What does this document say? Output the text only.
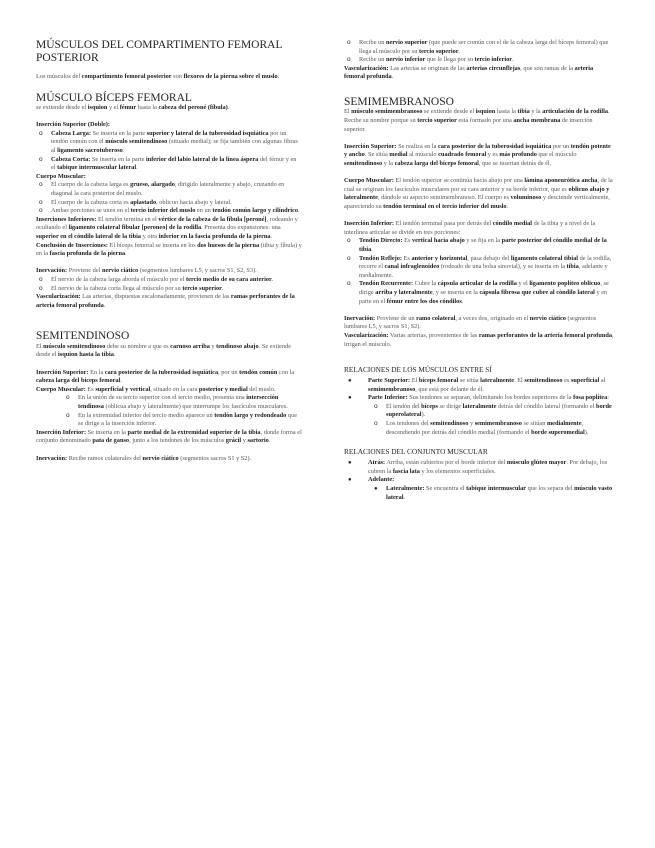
MÚSCULOS DEL COMPARTIMENTO FEMORAL POSTERIOR

Los músculos del compartimento femoral posterior son flexores de la pierna sobre el muslo.

MÚSCULO BÍCEPS FEMORAL

se extiende desde el isquion y el fémur hasta la cabeza del peroné (fíbula).

Inserción Superior (Doble):

o Cabeza Larga: Se inserta en la parte superior y lateral de la tuberosidad isquiática por un tendón común con el músculo semitendinoso (situado medial); se fija también con algunas fibras al ligamento sacrotuberoso.
o Cabeza Corta: Se inserta en la parte inferior del labio lateral de la línea áspera del fémur y en el tabique intermuscular lateral.

Cuerpo Muscular:

o El cuerpo de la cabeza larga es grueso, alargado, dirigido lateralmente y abajo, cruzando en diagonal la cara posterior del muslo.
o El cuerpo de la cabeza corta es aplastado, oblicuo hacia abajo y lateral.
o Ambas porciones se unen en el tercio inferior del muslo en un tendón común largo y cilíndrico.

Inserciones Inferiores: El tendón termina en el vértice de la cabeza de la fíbula [peroné], rodeando y ocultando el ligamento colateral fibular [peroneo] de la rodilla. Presenta dos expansiones: una superior en el cóndilo lateral de la tibia y otra inferior en la fascia profunda de la pierna.

Conclusión de Inserciones: El bíceps femoral se inserta en los dos huesos de la pierna (tibia y fíbula) y en la fascia profunda de la pierna.

Inervación: Proviene del nervio ciático (segmentos lumbares L5, y sacros S1, S2, S3).

o El nervio de la cabeza larga aborda el músculo por el tercio medio de su cara anterior.
o El nervio de la cabeza corta llega al músculo por su tercio superior.

Vascularización: Las arterias, dispuestas escalonadamente, provienen de las ramas perforantes de la arteria femoral profunda.

SEMITENDINOSO

El músculo semitendinoso debe su nombre a que es carnoso arriba y tendinoso abajo. Se extiende desde el isquion hasta la tibia.

Inserción Superior: En la cara posterior de la tuberosidad isquiática, por un tendón común con la cabeza larga del bíceps femoral.

Cuerpo Muscular: Es superficial y vertical, situado en la cara posterior y medial del muslo.

o En la unión de su tercio superior con el tercio medio, presenta una intersección tendinosa (oblicua abajo y lateralmente) que interrumpe los fascículos musculares.
o En la extremidad inferior del tercio medio aparece un tendón largo y redondeado que se dirige a la inserción inferior.

Inserción Inferior: Se inserta en la parte medial de la extremidad superior de la tibia, donde forma el conjunto denominado pata de ganso, junto a los tendones de los músculos grácil y sartorio.

Inervación: Recibe ramos colaterales del nervio ciático (segmentos sacros S1 y S2).

o Recibe un nervio superior (que puede ser común con el de la cabeza larga del bíceps femoral) que llega al músculo por su tercio superior.
o Recibe un nervio inferior que le llega por su tercio inferior.

Vascularización: Las arterias se originan de las arterias circunflejas, que son ramas de la arteria femoral profunda.

SEMIMEMBRANOSO

El músculo semimembranoso se extiende desde el isquion hasta la tibia y la articulación de la rodilla. Recibe su nombre porque su tercio superior está formado por una ancha membrana de inserción superior.

Inserción Superior: Se realiza en la cara posterior de la tuberosidad isquiática por un tendón potente y ancho. Se sitúa medial al músculo cuadrado femoral y es más profundo que el músculo semitendinoso y la cabeza larga del bíceps femoral, que se insertan detrás de él.

Cuerpo Muscular: El tendón superior se continúa hacia abajo por una lámina aponeurótica ancha, de la cual se originan los fascículos musculares por su cara anterior y su borde inferior, que es oblicuo abajo y lateralmente, dándole su aspecto semimembranoso. El cuerpo es voluminoso y desciende verticalmente, apareciendo su tendón terminal en el tercio inferior del muslo.

Inserción Inferior: El tendón terminal pasa por detrás del cóndilo medial de la tibia y a nivel de la interlínea articular se divide en tres porciones:

o Tendón Directo: Es vertical hacia abajo y se fija en la parte posterior del cóndilo medial de la tibia.
o Tendón Reflejo: Es anterior y horizontal, pasa debajo del ligamento colateral tibial de la rodilla, recorre el canal infraglenoideo (rodeado de una bolsa sinovial), y se inserta en la tibia, adelante y medialmente.
o Tendón Recurrente: Cubre la cápsula articular de la rodilla y el ligamento poplíteo oblicuo, se dirige arriba y lateralmente, y se inserta en la cápsula fibrosa que cubre al cóndilo lateral y en parte en el fémur entre los dos cóndilos.

Inervación: Proviene de un ramo colateral, a veces dos, originado en el nervio ciático (segmentos lumbares L5, y sacros S1, S2).

Vascularización: Varias arterias, provenientes de las ramas perforantes de la arteria femoral profunda, irrigan el músculo.

RELACIONES DE LOS MÚSCULOS ENTRE SÍ
● Parte Superior: El bíceps femoral se sitúa lateralmente. El semitendinoso es superficial al semimembranoso, que está por delante de él.
● Parte Inferior: Sus tendones se separan, delimitando los bordes superiores de la fosa poplítea:
o El tendón del bíceps se dirige lateralmente detrás del cóndilo lateral (formando el borde superolateral).
o Los tendones del semitendinoso y semimembranoso se sitúan medialmente, descendiendo por detrás del cóndilo medial (formando el borde superomedial).
RELACIONES DEL CONJUNTO MUSCULAR
● Atrás: Arriba, están cubiertos por el borde inferior del músculo glúteo mayor. Por debajo, los cubren la fascia lata y los elementos superficiales.
● Adelante:
● Lateralmente: Se encuentra el tabique intermuscular que los separa del músculo vasto lateral.
